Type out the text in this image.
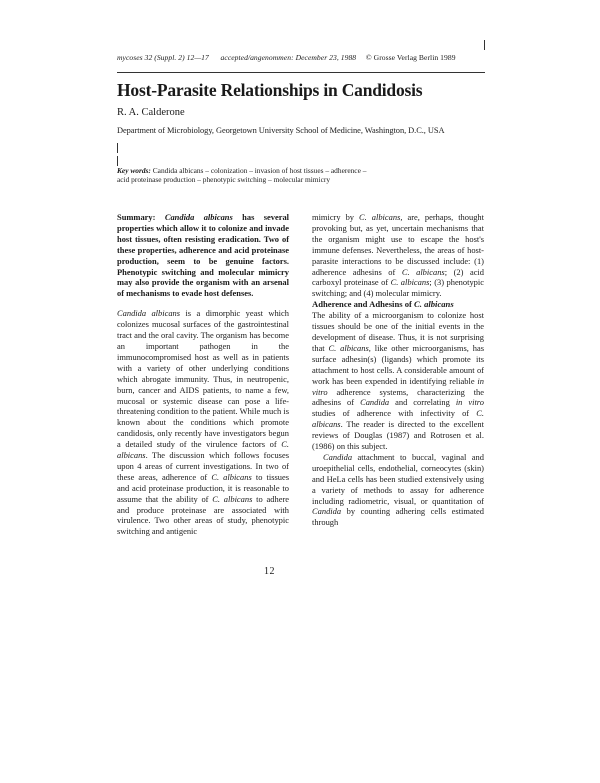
mycoses 32 (Suppl. 2) 12—17 accepted/angenommen: December 23, 1988 © Grosse Verlag Berlin 1989
Host-Parasite Relationships in Candidosis
R. A. Calderone
Department of Microbiology, Georgetown University School of Medicine, Washington, D.C., USA
Key words: Candida albicans – colonization – invasion of host tissues – adherence –
acid proteinase production – phenotypic switching – molecular mimicry

Summary: Candida albicans has several properties which allow it to colonize and invade host tissues, often resisting eradication. Two of these properties, adherence and acid proteinase production, seem to be genuine factors. Phenotypic switching and molecular mimicry may also provide the organism with an arsenal of mechanisms to evade host defenses.

Candida albicans is a dimorphic yeast which colonizes mucosal surfaces of the gastrointestinal tract and the oral cavity. The organism has become an important pathogen in the immunocompromised host as well as in patients with a variety of other underlying conditions which abrogate immunity. Thus, in neutropenic, burn, cancer and AIDS patients, to name a few, mucosal or systemic disease can pose a life-threatening condition to the patient. While much is known about the conditions which promote candidosis, only recently have investigators begun a detailed study of the virulence factors of C. albicans. The discussion which follows focuses upon 4 areas of current investigations. In two of these areas, adherence of C. albicans to tissues and acid proteinase production, it is reasonable to assume that the ability of C. albicans to adhere and produce proteinase are associated with virulence. Two other areas of study, phenotypic switching and antigenic

mimicry by C. albicans, are, perhaps, thought provoking but, as yet, uncertain mechanisms that the organism might use to escape the host's immune defenses. Nevertheless, the areas of host-parasite interactions to be discussed include: (1) adherence adhesins of C. albicans; (2) acid carboxyl proteinase of C. albicans; (3) phenotypic switching; and (4) molecular mimicry.

Adherence and Adhesins of C. albicans

The ability of a microorganism to colonize host tissues should be one of the initial events in the development of disease. Thus, it is not surprising that C. albicans, like other microorganisms, has surface adhesin(s) (ligands) which promote its attachment to host cells. A considerable amount of work has been expended in identifying reliable in vitro adherence systems, characterizing the adhesins of Candida and correlating in vitro studies of adherence with infectivity of C. albicans. The reader is directed to the excellent reviews of Douglas (1987) and Rotrosen et al. (1986) on this subject.

Candida attachment to buccal, vaginal and uroepithelial cells, endothelial, corneocytes (skin) and HeLa cells has been studied extensively using a variety of methods to assay for adherence including radiometric, visual, or quantitation of Candida by counting adhering cells estimated through

12
